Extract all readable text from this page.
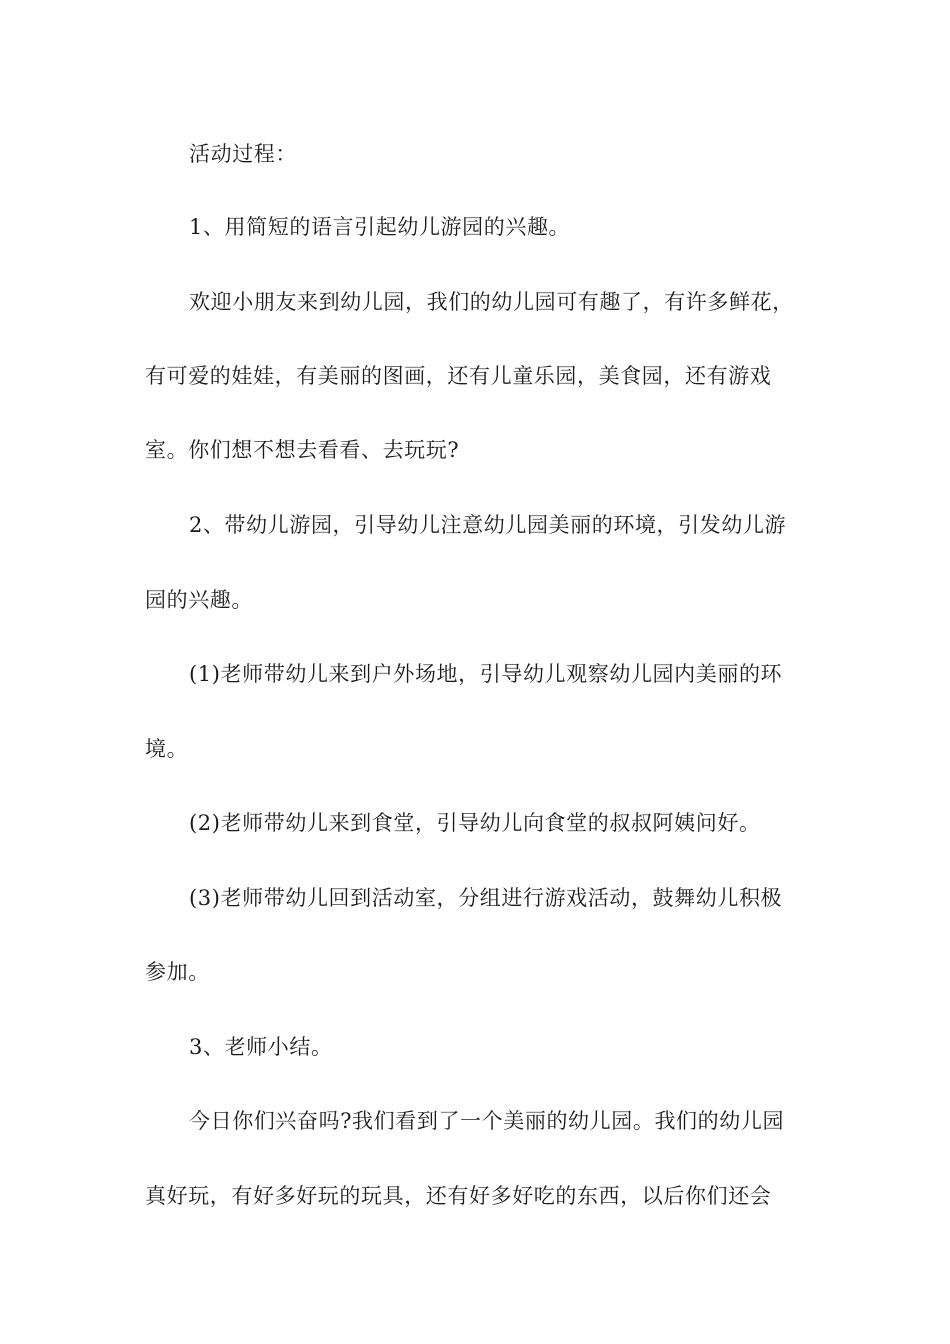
活动过程：

1、用简短的语言引起幼儿游园的兴趣。

欢迎小朋友来到幼儿园，我们的幼儿园可有趣了，有许多鲜花，

有可爱的娃娃，有美丽的图画，还有儿童乐园，美食园，还有游戏

室。你们想不想去看看、去玩玩?

2、带幼儿游园，引导幼儿注意幼儿园美丽的环境，引发幼儿游

园的兴趣。

(1)老师带幼儿来到户外场地，引导幼儿观察幼儿园内美丽的环

境。

(2)老师带幼儿来到食堂，引导幼儿向食堂的叔叔阿姨问好。

(3)老师带幼儿回到活动室，分组进行游戏活动，鼓舞幼儿积极

参加。

3、老师小结。

今日你们兴奋吗?我们看到了一个美丽的幼儿园。我们的幼儿园

真好玩，有好多好玩的玩具，还有好多好吃的东西，以后你们还会
